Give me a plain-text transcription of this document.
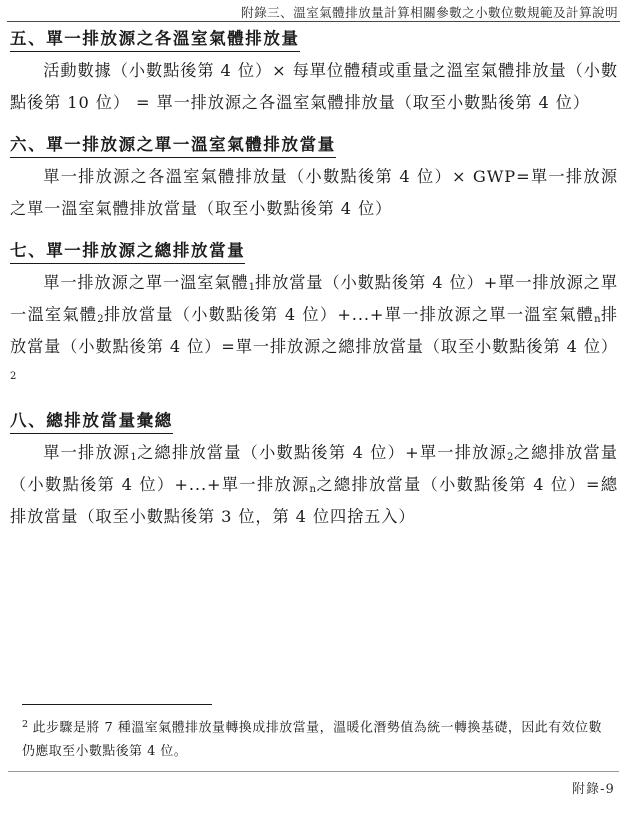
附錄三、溫室氣體排放量計算相關參數之小數位數規範及計算說明
五、單一排放源之各溫室氣體排放量

活動數據（小數點後第 4 位）× 每單位體積或重量之溫室氣體排放量（小數點後第 10 位） = 單一排放源之各溫室氣體排放量（取至小數點後第 4 位）

六、單一排放源之單一溫室氣體排放當量

單一排放源之各溫室氣體排放量（小數點後第 4 位）× GWP=單一排放源之單一溫室氣體排放當量（取至小數點後第 4 位）

七、單一排放源之總排放當量

單一排放源之單一溫室氣體$_1$排放當量（小數點後第 4 位）+單一排放源之單一溫室氣體$_2$排放當量（小數點後第 4 位）+...+單一排放源之單一溫室氣體$_n$排放當量（小數點後第 4 位）=單一排放源之總排放當量（取至小數點後第 4 位）$^2$

八、總排放當量彙總

單一排放源$_1$之總排放當量（小數點後第 4 位）+單一排放源$_2$之總排放當量（小數點後第 4 位）+...+單一排放源$_n$之總排放當量（小數點後第 4 位）=總排放當量（取至小數點後第 3 位，第 4 位四捨五入）

$^2$ 此步驟是將 7 種溫室氣體排放量轉換成排放當量，溫暖化潛勢值為統一轉換基礎，因此有效位數仍應取至小數點後第 4 位。

附錄-9
